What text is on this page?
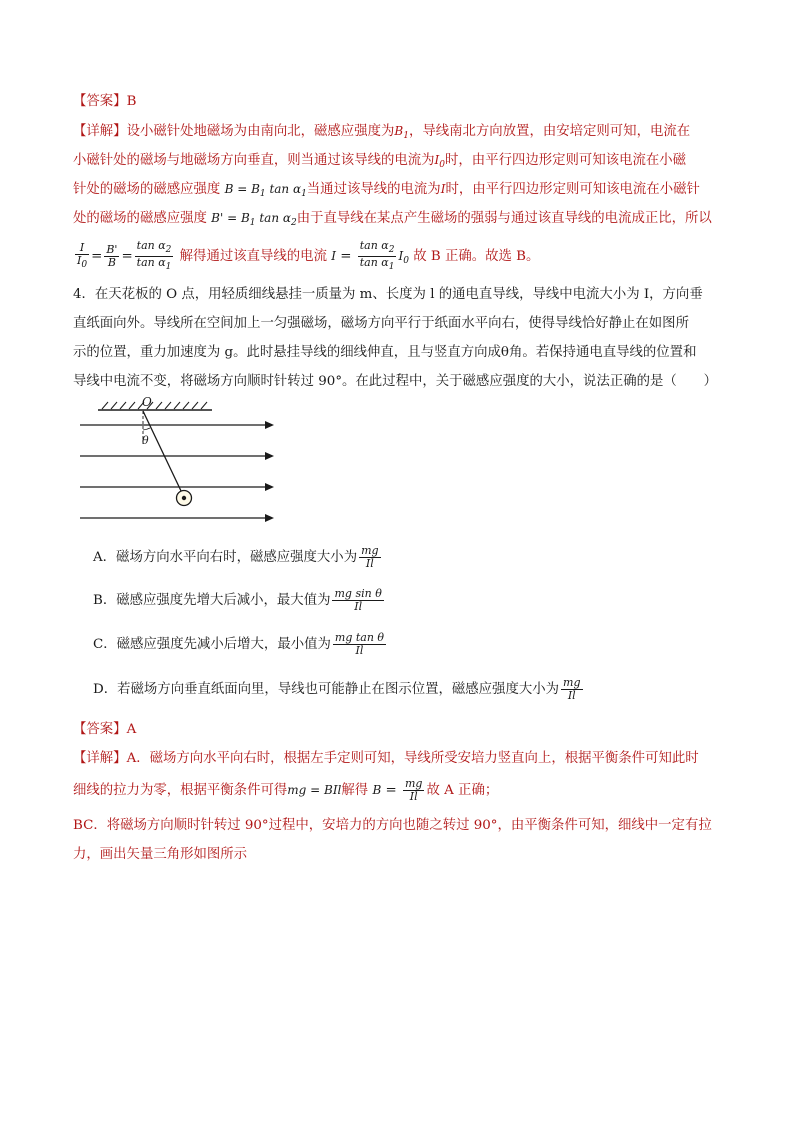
【答案】B
【详解】设小磁针处地磁场为由南向北，磁感应强度为$B_1$，导线南北方向放置，由安培定则可知，电流在
小磁针处的磁场与地磁场方向垂直，则当通过该导线的电流为$I_0$时，由平行四边形定则可知该电流在小磁
针处的磁场的磁感应强度 $B = B_1$ $\tan \alpha_1$当通过该导线的电流为I时，由平行四边形定则可知该电流在小磁针
处的磁场的磁感应强度 $B' = B_1$ $\tan \alpha_2$由于直导线在某点产生磁场的强弱与通过该直导线的电流成正比，所以
$\frac{I}{I_0} = \frac{B'}{B} = \frac{\tan \alpha_2}{\tan \alpha_1}$ 解得通过该直导线的电流 $I = \frac{\tan \alpha_2}{\tan \alpha_1} I_0$ 故 B 正确。故选 B。
4．在天花板的 O 点，用轻质细线悬挂一质量为 m、长度为 l 的通电直导线，导线中电流大小为 I，方向垂
直纸面向外。导线所在空间加上一匀强磁场，磁场方向平行于纸面水平向右，使得导线恰好静止在如图所
示的位置，重力加速度为 g。此时悬挂导线的细线伸直，且与竖直方向成θ角。若保持通电直导线的位置和
导线中电流不变，将磁场方向顺时针转过 90°。在此过程中，关于磁感应强度的大小，说法正确的是（　　）
O
θ
A．磁场方向水平向右时，磁感应强度大小为 $\frac{mg}{Il}$
B．磁感应强度先增大后减小，最大值为 $\frac{\text{mg sin θ}}{Il}$
C．磁感应强度先减小后增大，最小值为 $\frac{\text{mg tan θ}}{Il}$
D．若磁场方向垂直纸面向里，导线也可能静止在图示位置，磁感应强度大小为 $\frac{mg}{Il}$
【答案】A
【详解】A．磁场方向水平向右时，根据左手定则可知，导线所受安培力竖直向上，根据平衡条件可知此时
细线的拉力为零，根据平衡条件可得mg = BIl解得 $B = \frac{mg}{Il}$ 故 A 正确；
BC．将磁场方向顺时针转过 90°过程中，安培力的方向也随之转过 90°，由平衡条件可知，细线中一定有拉
力，画出矢量三角形如图所示
